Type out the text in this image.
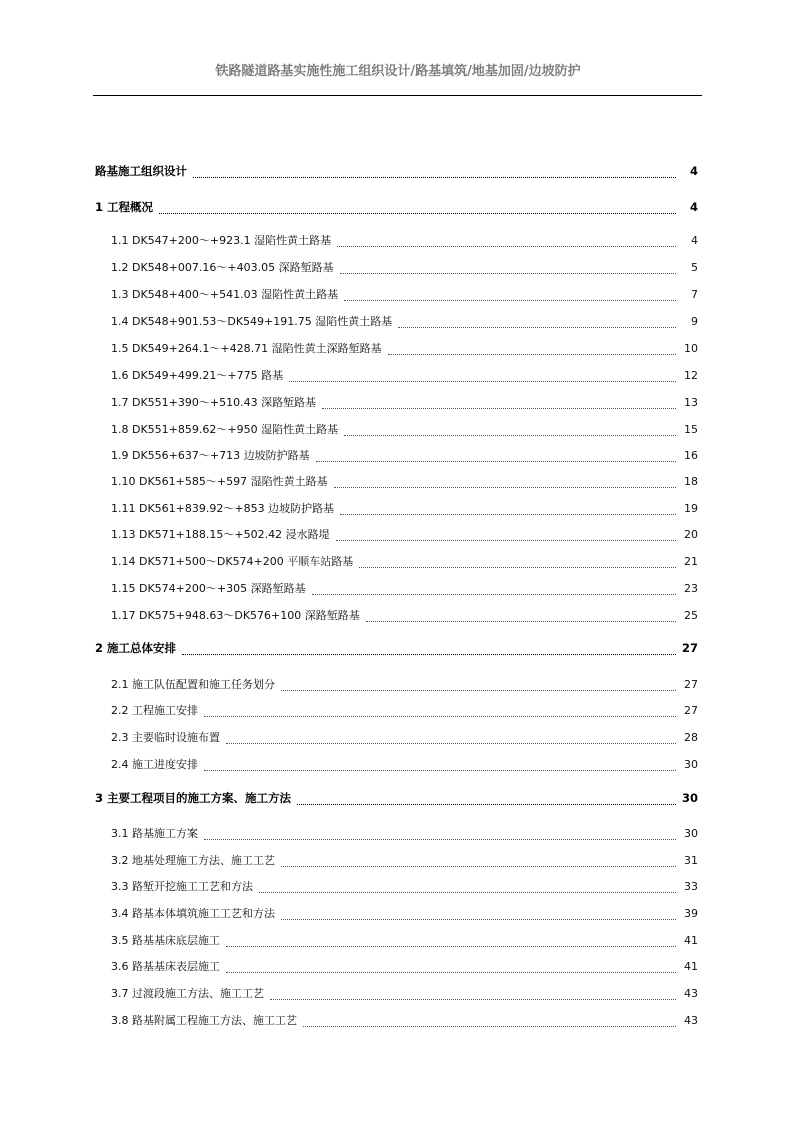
铁路隧道路基实施性施工组织设计/路基填筑/地基加固/边坡防护
路基施工组织设计	4
1 工程概况	4
1.1 DK547+200～+923.1 湿陷性黄土路基	4
1.2 DK548+007.16～+403.05 深路堑路基	5
1.3 DK548+400～+541.03 湿陷性黄土路基	7
1.4 DK548+901.53～DK549+191.75 湿陷性黄土路基	9
1.5 DK549+264.1～+428.71 湿陷性黄土深路堑路基	10
1.6 DK549+499.21～+775 路基	12
1.7 DK551+390～+510.43 深路堑路基	13
1.8 DK551+859.62～+950 湿陷性黄土路基	15
1.9 DK556+637～+713 边坡防护路基	16
1.10 DK561+585～+597 湿陷性黄土路基	18
1.11 DK561+839.92～+853 边坡防护路基	19
1.13 DK571+188.15～+502.42 浸水路堤	20
1.14 DK571+500～DK574+200 平顺车站路基	21
1.15 DK574+200～+305 深路堑路基	23
1.17 DK575+948.63～DK576+100 深路堑路基	25
2 施工总体安排	27
2.1 施工队伍配置和施工任务划分	27
2.2 工程施工安排	27
2.3 主要临时设施布置	28
2.4 施工进度安排	30
3 主要工程项目的施工方案、施工方法	30
3.1 路基施工方案	30
3.2 地基处理施工方法、施工工艺	31
3.3 路堑开挖施工工艺和方法	33
3.4 路基本体填筑施工工艺和方法	39
3.5 路基基床底层施工	41
3.6 路基基床表层施工	41
3.7 过渡段施工方法、施工工艺	43
3.8 路基附属工程施工方法、施工工艺	43
